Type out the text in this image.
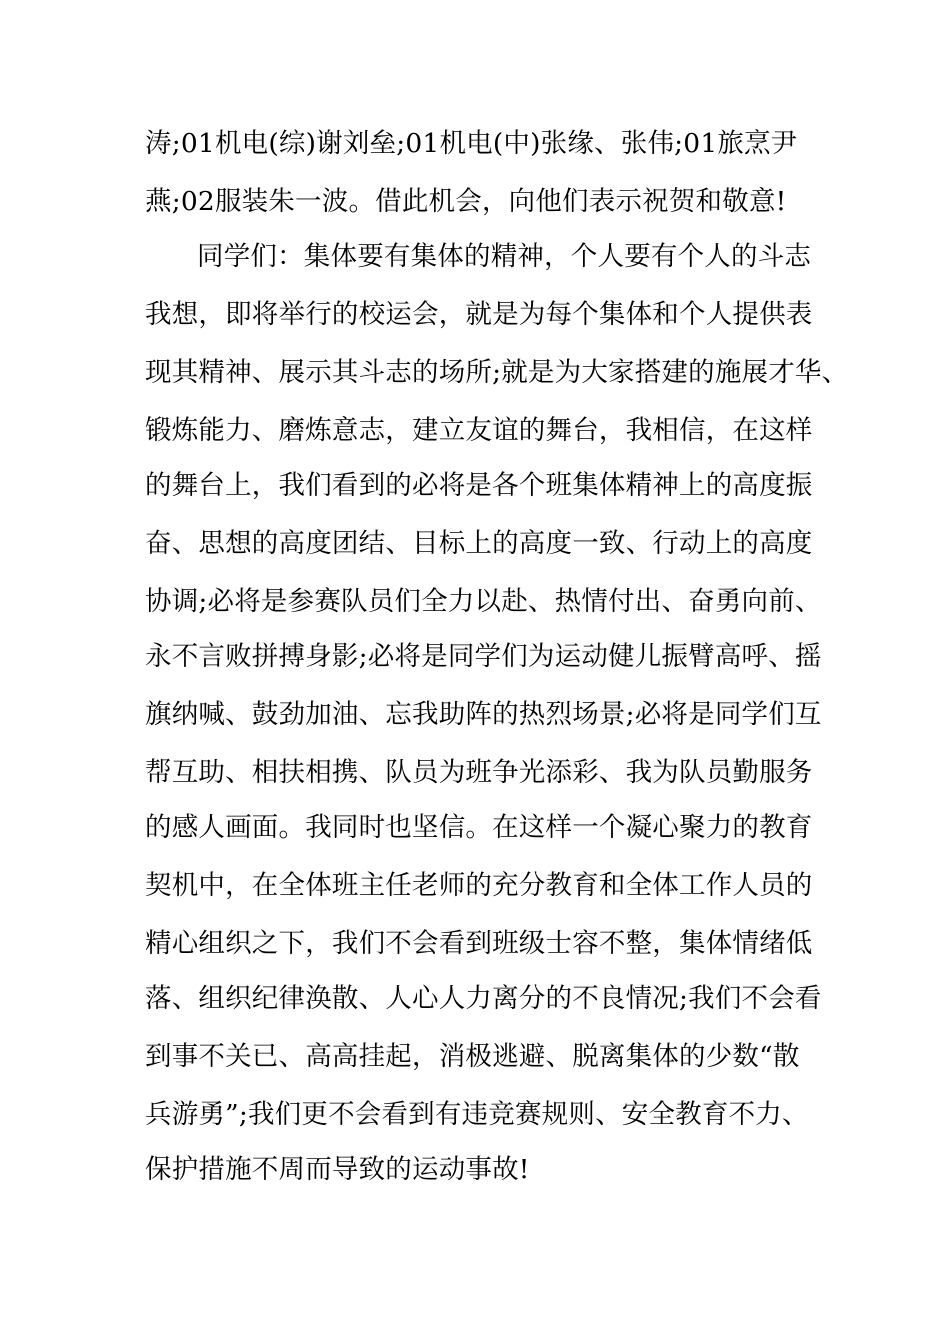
涛;01机电(综)谢刘垒;01机电(中)张缘、张伟;01旅烹尹
燕;02服装朱一波。借此机会，向他们表示祝贺和敬意!
同学们：集体要有集体的精神，个人要有个人的斗志
我想，即将举行的校运会，就是为每个集体和个人提供表
现其精神、展示其斗志的场所;就是为大家搭建的施展才华、
锻炼能力、磨炼意志，建立友谊的舞台，我相信，在这样
的舞台上，我们看到的必将是各个班集体精神上的高度振
奋、思想的高度团结、目标上的高度一致、行动上的高度
协调;必将是参赛队员们全力以赴、热情付出、奋勇向前、
永不言败拼搏身影;必将是同学们为运动健儿振臂高呼、摇
旗纳喊、鼓劲加油、忘我助阵的热烈场景;必将是同学们互
帮互助、相扶相携、队员为班争光添彩、我为队员勤服务
的感人画面。我同时也坚信。在这样一个凝心聚力的教育
契机中，在全体班主任老师的充分教育和全体工作人员的
精心组织之下，我们不会看到班级士容不整，集体情绪低
落、组织纪律涣散、人心人力离分的不良情况;我们不会看
到事不关已、高高挂起，消极逃避、脱离集体的少数“散
兵游勇”;我们更不会看到有违竞赛规则、安全教育不力、
保护措施不周而导致的运动事故!
